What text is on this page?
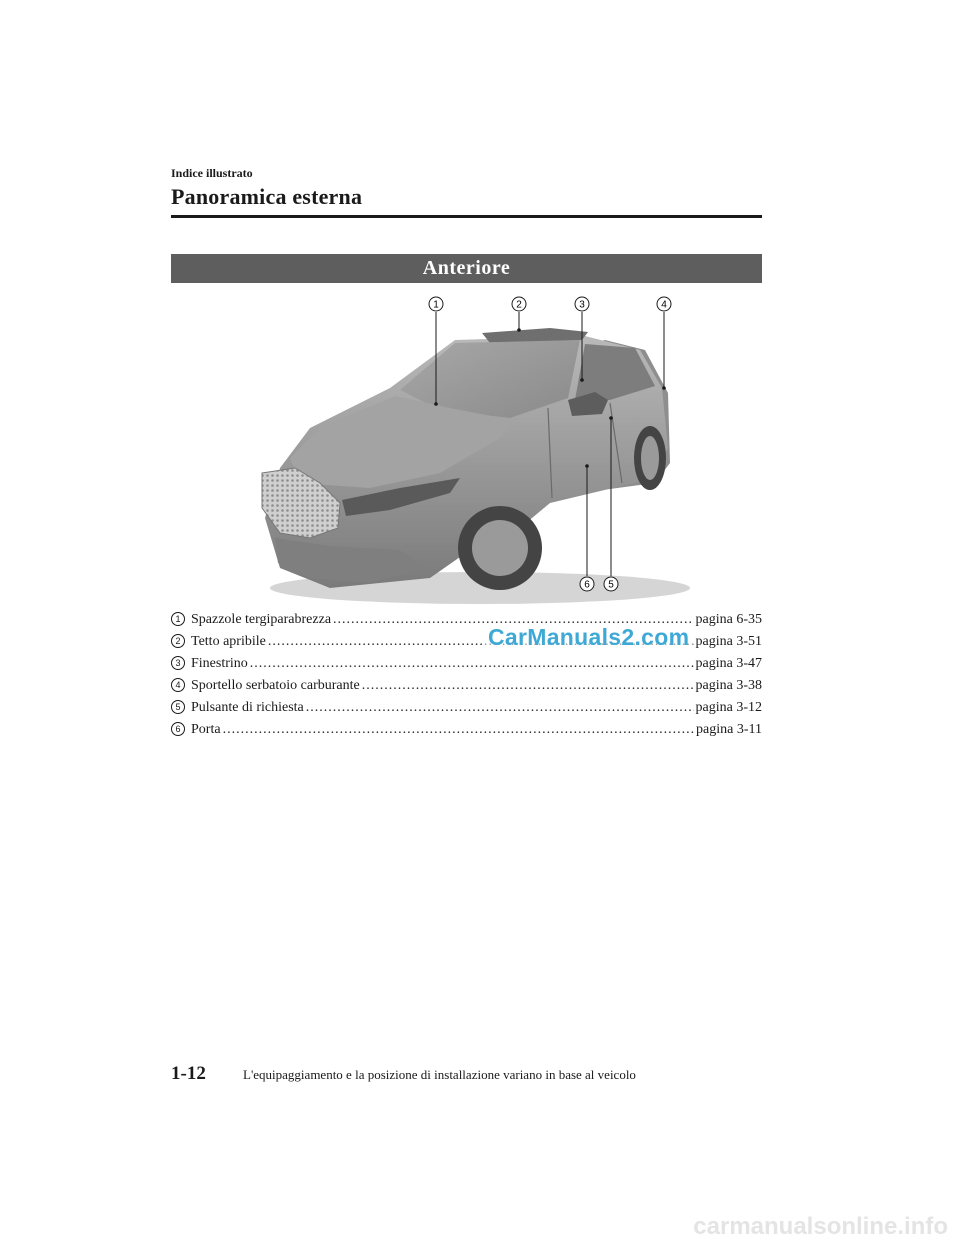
Indice illustrato
Panoramica esterna
Anteriore
1	2	3	4
5
6
1 Spazzole tergiparabrezza .....	pagina 6-35
2 Tetto apribile .....	pagina 3-51
3 Finestrino .....	pagina 3-47
4 Sportello serbatoio carburante .....	pagina 3-38
5 Pulsante di richiesta .....	pagina 3-12
6 Porta .....	pagina 3-11
CarManuals2.com
1-12	L'equipaggiamento e la posizione di installazione variano in base al veicolo
carmanualsonline.info
